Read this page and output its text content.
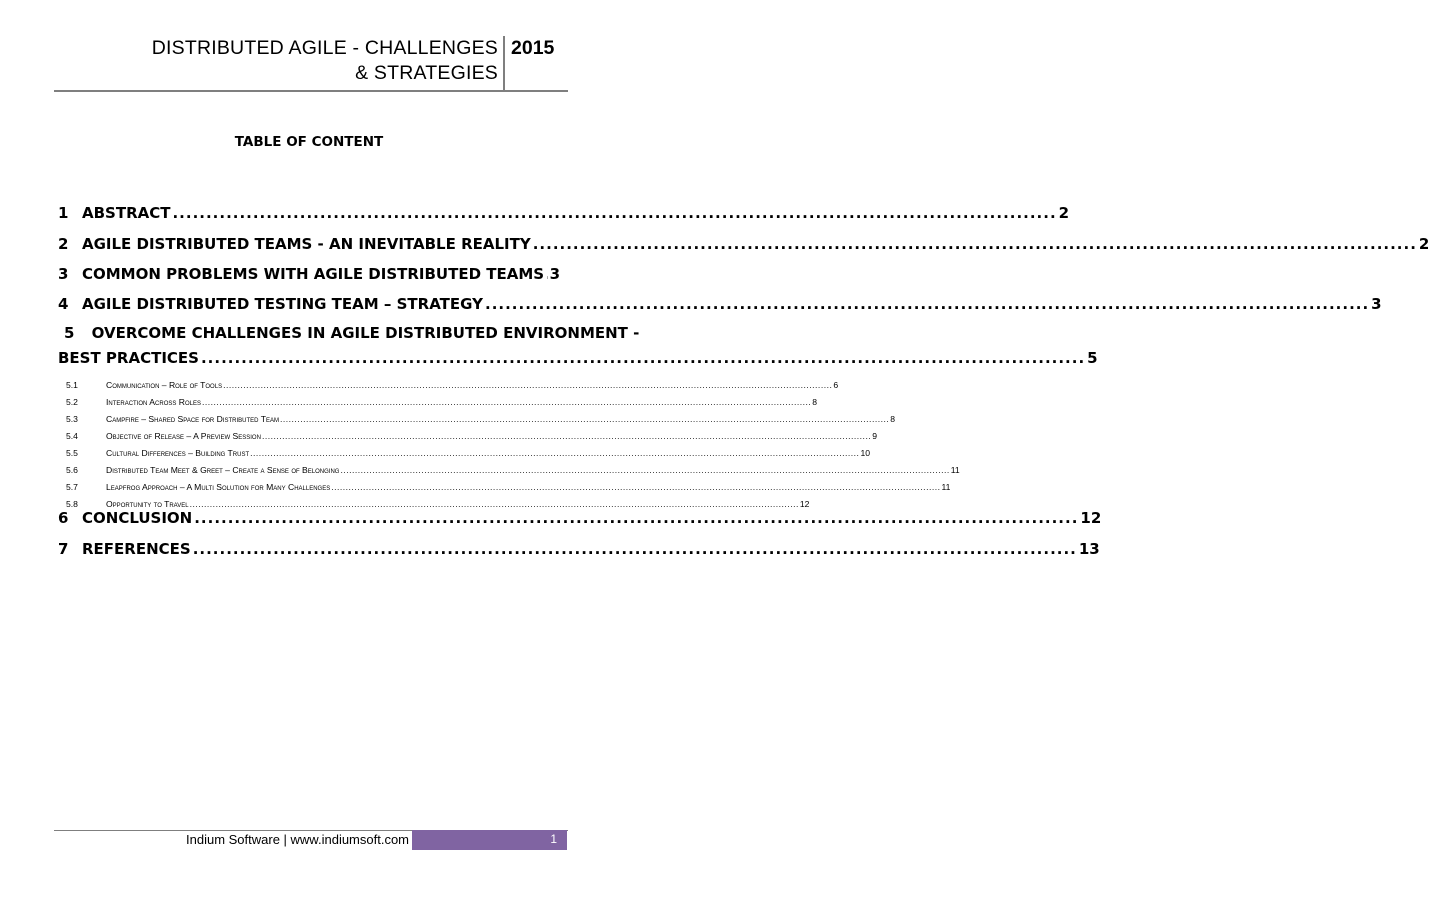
DISTRIBUTED AGILE - CHALLENGES
& STRATEGIES
2015
TABLE OF CONTENT
1 ABSTRACT .................................................................................................................................... 2
2 AGILE DISTRIBUTED TEAMS - AN INEVITABLE REALITY .................................................................................................................................... 2
3 COMMON PROBLEMS WITH AGILE DISTRIBUTED TEAMS 3
4 AGILE DISTRIBUTED TESTING TEAM – STRATEGY .................................................................................................................................... 3
5 OVERCOME CHALLENGES IN AGILE DISTRIBUTED ENVIRONMENT -
BEST PRACTICES .................................................................................................................................... 5
5.1	Communication – Role of Tools ................................................................................................................................................................................................................... 6
5.2	Interaction Across Roles ................................................................................................................................................................................................................... 8
5.3	Campfire – Shared Space for Distributed Team ................................................................................................................................................................................................................... 8
5.4	Objective of Release – A Preview Session ................................................................................................................................................................................................................... 9
5.5	Cultural Differences – Building Trust ................................................................................................................................................................................................................... 10
5.6	Distributed Team Meet & Greet – Create a Sense of Belonging ................................................................................................................................................................................................................... 11
5.7	Leapfrog Approach – A Multi Solution for Many Challenges ................................................................................................................................................................................................................... 11
5.8	Opportunity to Travel ................................................................................................................................................................................................................... 12
6 CONCLUSION .................................................................................................................................... 12
7 REFERENCES .................................................................................................................................... 13
Indium Software | www.indiumsoft.com	1
